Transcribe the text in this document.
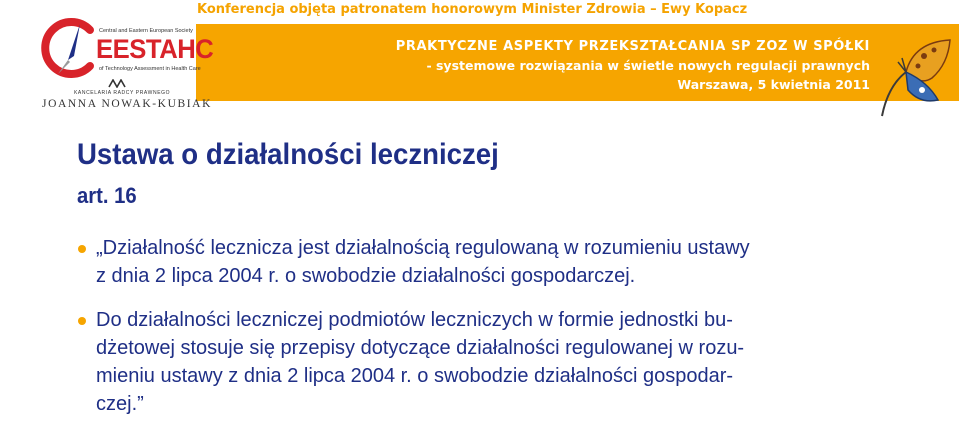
Konferencja objęta patronatem honorowym Minister Zdrowia – Ewy Kopacz
PRAKTYCZNE ASPEKTY PRZEKSZTAŁCANIA SP ZOZ W SPÓŁKI
- systemowe rozwiązania w świetle nowych regulacji prawnych
Warszawa, 5 kwietnia 2011
Central and Eastern European Society
EESTAHC
of Technology Assessment in Health Care
KANCELARIA RADCY PRAWNEGO
JOANNA NOWAK-KUBIAK
Ustawa o działalności leczniczej
art. 16
„Działalność lecznicza jest działalnością regulowaną w rozumieniu ustawy
z dnia 2 lipca 2004 r. o swobodzie działalności gospodarczej.
Do działalności leczniczej podmiotów leczniczych w formie jednostki bu-
dżetowej stosuje się przepisy dotyczące działalności regulowanej w rozu-
mieniu ustawy z dnia 2 lipca 2004 r. o swobodzie działalności gospodar-
czej.”
